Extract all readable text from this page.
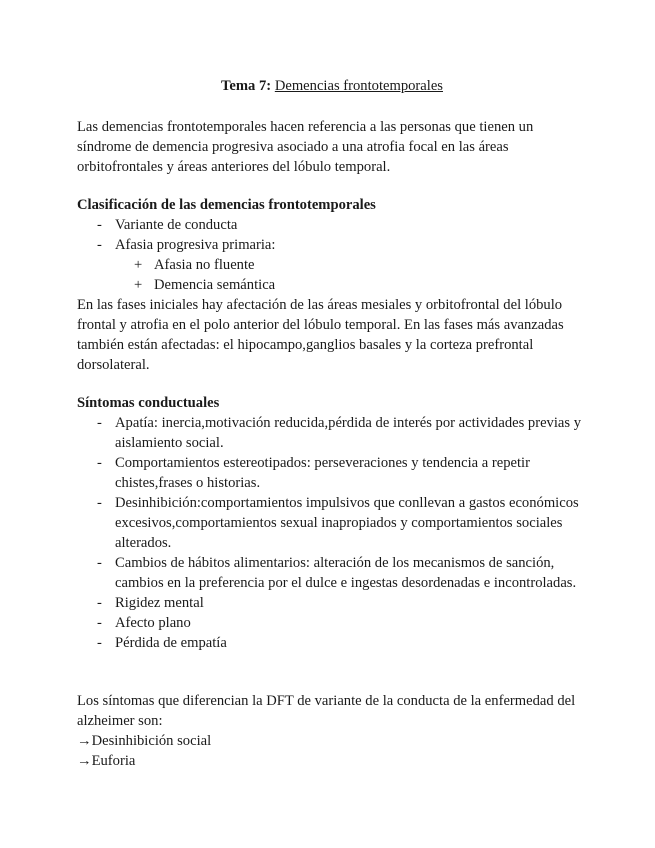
Tema 7: Demencias frontotemporales

Las demencias frontotemporales hacen referencia a las personas que tienen un síndrome de demencia progresiva asociado a una atrofia focal en las áreas orbitofrontales y áreas anteriores del lóbulo temporal.

Clasificación de las demencias frontotemporales

- Variante de conducta
- Afasia progresiva primaria:
+ Afasia no fluente
+ Demencia semántica

En las fases iniciales hay afectación de las áreas mesiales y orbitofrontal del lóbulo frontal y atrofia en el polo anterior del lóbulo temporal. En las fases más avanzadas también están afectadas: el hipocampo,ganglios basales y la corteza prefrontal dorsolateral.

Síntomas conductuales

- Apatía: inercia,motivación reducida,pérdida de interés por actividades previas y aislamiento social.
- Comportamientos estereotipados: perseveraciones y tendencia a repetir chistes,frases o historias.
- Desinhibición:comportamientos impulsivos que conllevan a gastos económicos excesivos,comportamientos sexual inapropiados y comportamientos sociales alterados.
- Cambios de hábitos alimentarios: alteración de los mecanismos de sanción, cambios en la preferencia por el dulce e ingestas desordenadas e incontroladas.
- Rigidez mental
- Afecto plano
- Pérdida de empatía

Los síntomas que diferencian la DFT de variante de la conducta de la enfermedad del alzheimer son:

→Desinhibición social

→Euforia
